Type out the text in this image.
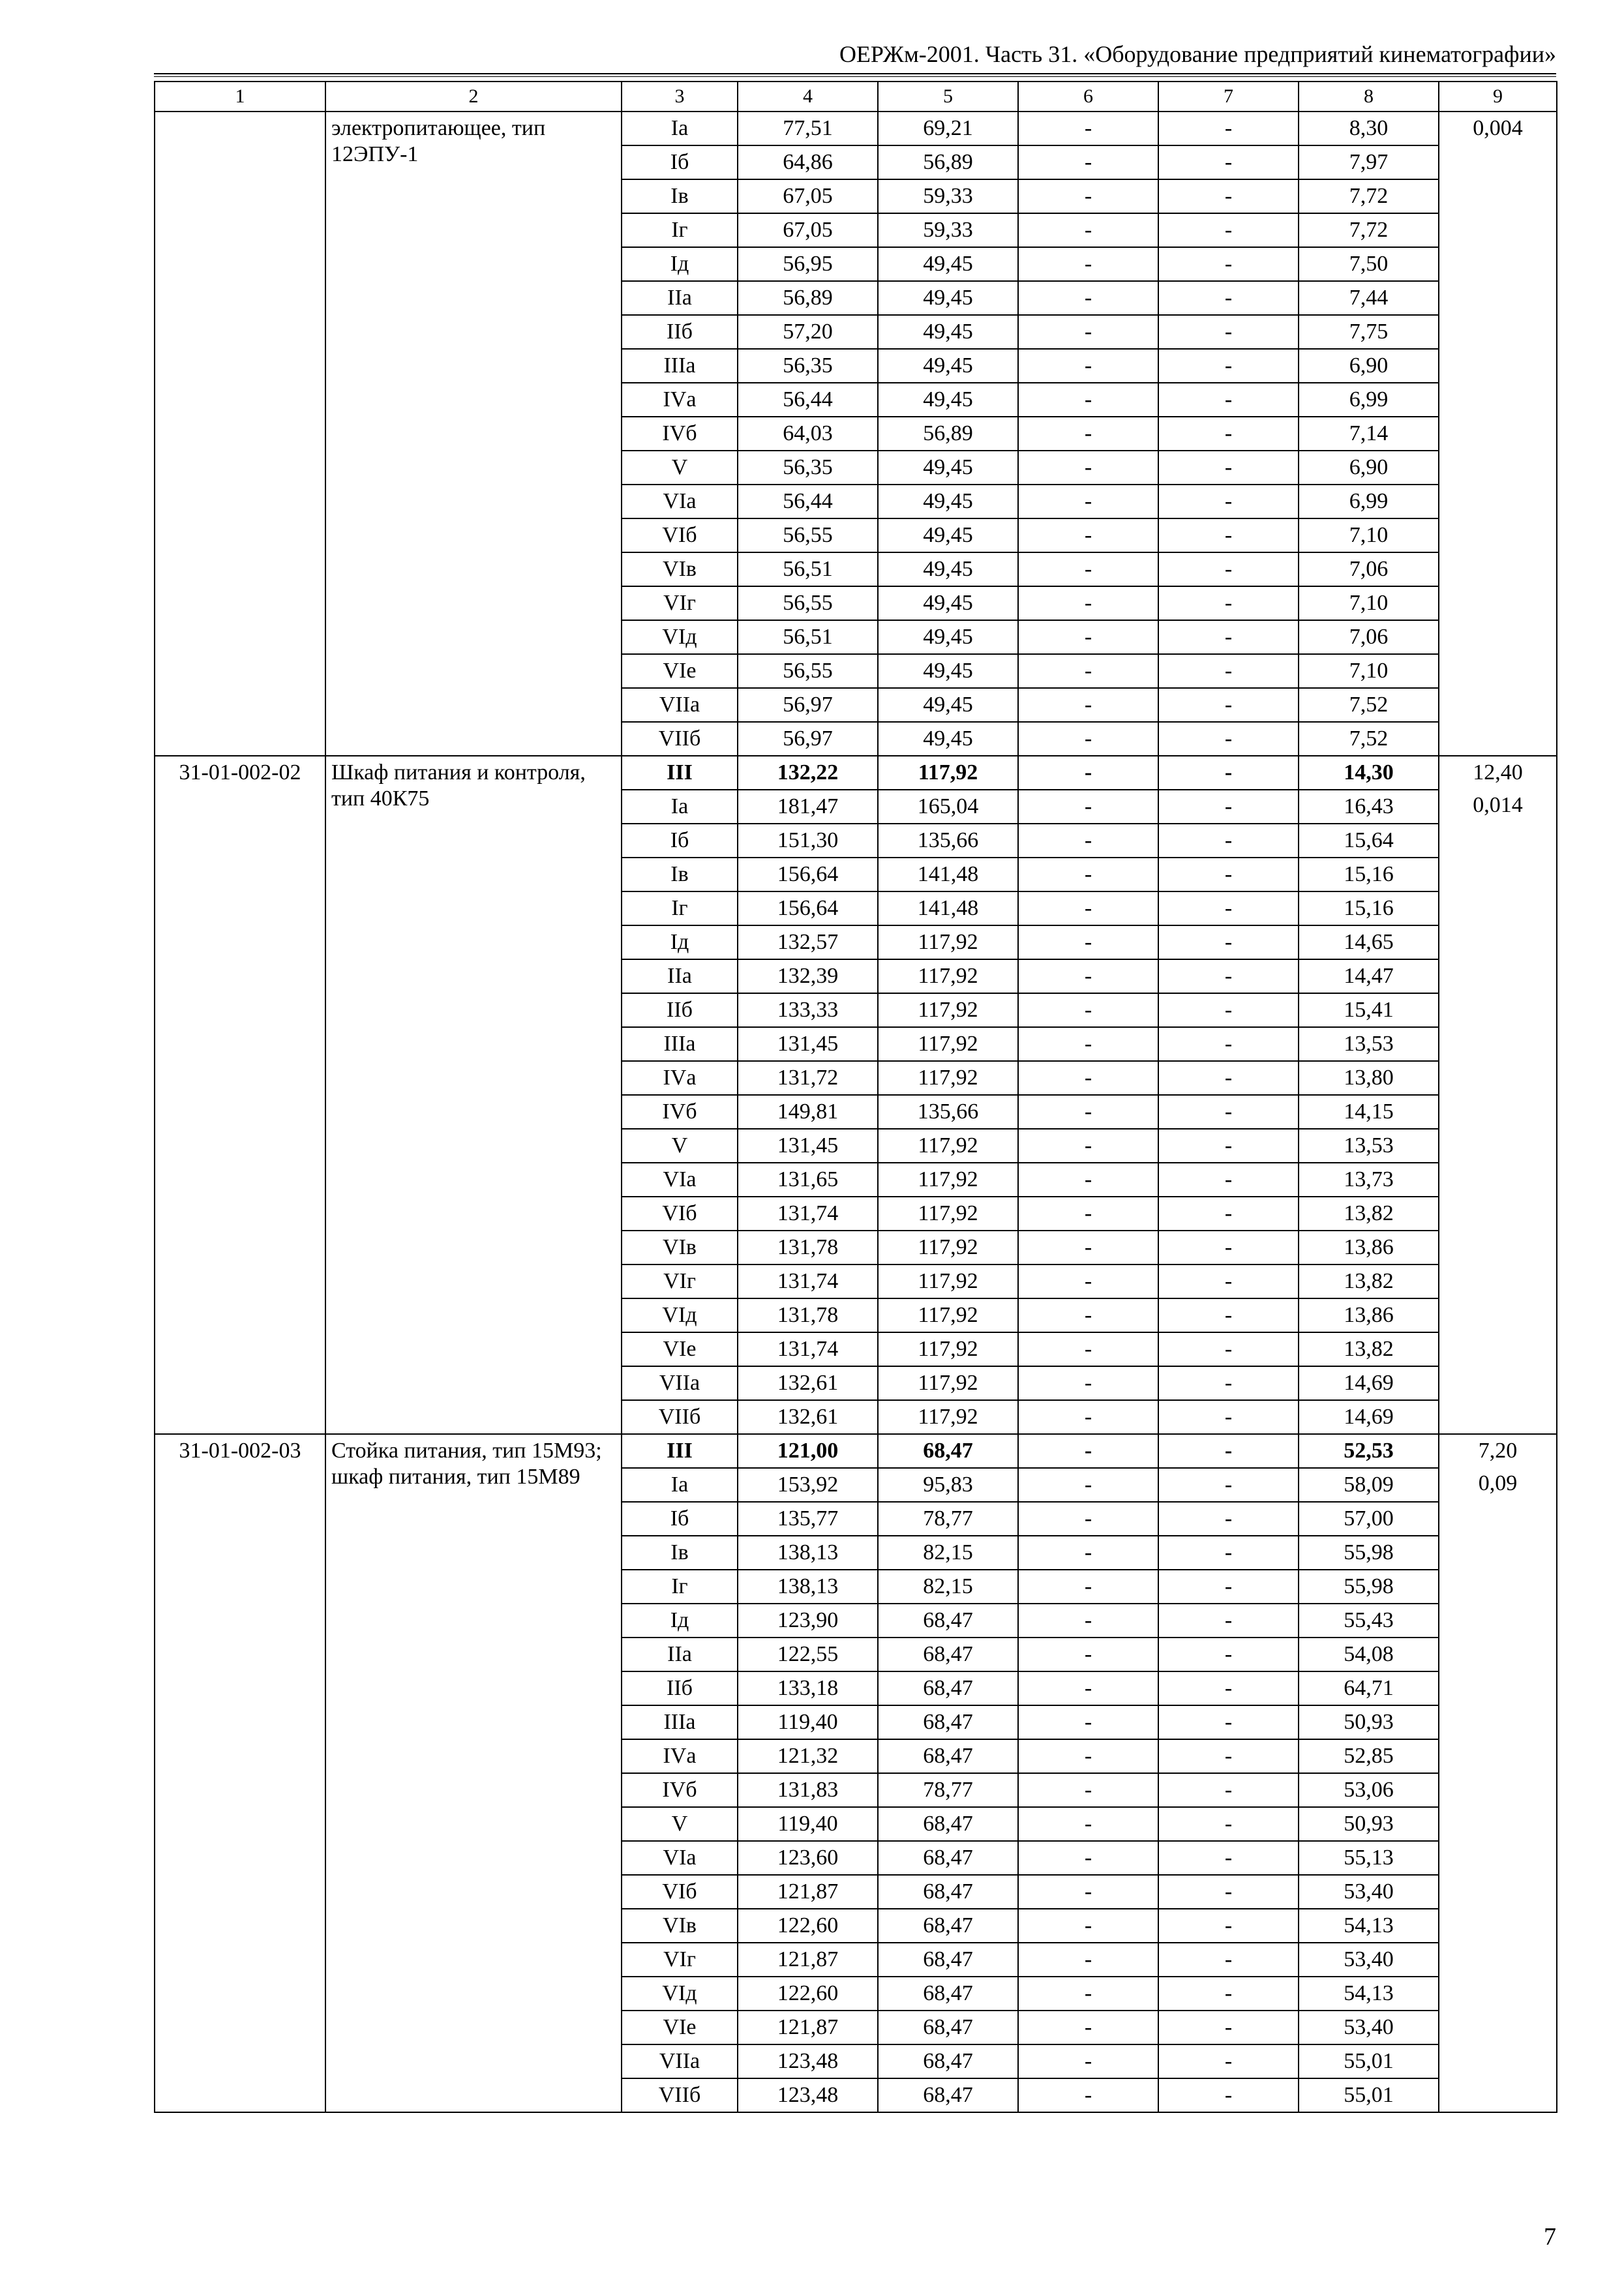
ОЕРЖм-2001. Часть 31. «Оборудование предприятий кинематографии»
1	2	3	4	5	6	7	8	9
	электропитающее, тип 12ЭПУ-1	Iа	77,51	69,21	-	-	8,30	0,004

		Iб	64,86	56,89	-	-	7,97	
		Iв	67,05	59,33	-	-	7,72	
		Iг	67,05	59,33	-	-	7,72	
		Iд	56,95	49,45	-	-	7,50	
		IIа	56,89	49,45	-	-	7,44	
		IIб	57,20	49,45	-	-	7,75	
		IIIа	56,35	49,45	-	-	6,90	
		IVа	56,44	49,45	-	-	6,99	
		IVб	64,03	56,89	-	-	7,14	
		V	56,35	49,45	-	-	6,90	
		VIа	56,44	49,45	-	-	6,99	
		VIб	56,55	49,45	-	-	7,10	
		VIв	56,51	49,45	-	-	7,06	
		VIг	56,55	49,45	-	-	7,10	
		VIд	56,51	49,45	-	-	7,06	
		VIе	56,55	49,45	-	-	7,10	
		VIIа	56,97	49,45	-	-	7,52	
		VIIб	56,97	49,45	-	-	7,52	
31-01-002-02	Шкаф питания и контроля, тип 40К75	III	132,22	117,92	-	-	14,30	12,40
0,014

		Iа	181,47	165,04	-	-	16,43	
		Iб	151,30	135,66	-	-	15,64	
		Iв	156,64	141,48	-	-	15,16	
		Iг	156,64	141,48	-	-	15,16	
		Iд	132,57	117,92	-	-	14,65	
		IIа	132,39	117,92	-	-	14,47	
		IIб	133,33	117,92	-	-	15,41	
		IIIа	131,45	117,92	-	-	13,53	
		IVа	131,72	117,92	-	-	13,80	
		IVб	149,81	135,66	-	-	14,15	
		V	131,45	117,92	-	-	13,53	
		VIа	131,65	117,92	-	-	13,73	
		VIб	131,74	117,92	-	-	13,82	
		VIв	131,78	117,92	-	-	13,86	
		VIг	131,74	117,92	-	-	13,82	
		VIд	131,78	117,92	-	-	13,86	
		VIе	131,74	117,92	-	-	13,82	
		VIIа	132,61	117,92	-	-	14,69	
		VIIб	132,61	117,92	-	-	14,69	
31-01-002-03	Стойка питания, тип 15М93; шкаф питания, тип 15М89	III	121,00	68,47	-	-	52,53	7,20
0,09

		Iа	153,92	95,83	-	-	58,09	
		Iб	135,77	78,77	-	-	57,00	
		Iв	138,13	82,15	-	-	55,98	
		Iг	138,13	82,15	-	-	55,98	
		Iд	123,90	68,47	-	-	55,43	
		IIа	122,55	68,47	-	-	54,08	
		IIб	133,18	68,47	-	-	64,71	
		IIIа	119,40	68,47	-	-	50,93	
		IVа	121,32	68,47	-	-	52,85	
		IVб	131,83	78,77	-	-	53,06	
		V	119,40	68,47	-	-	50,93	
		VIа	123,60	68,47	-	-	55,13	
		VIб	121,87	68,47	-	-	53,40	
		VIв	122,60	68,47	-	-	54,13	
		VIг	121,87	68,47	-	-	53,40	
		VIд	122,60	68,47	-	-	54,13	
		VIе	121,87	68,47	-	-	53,40	
		VIIа	123,48	68,47	-	-	55,01	
		VIIб	123,48	68,47	-	-	55,01	
7
